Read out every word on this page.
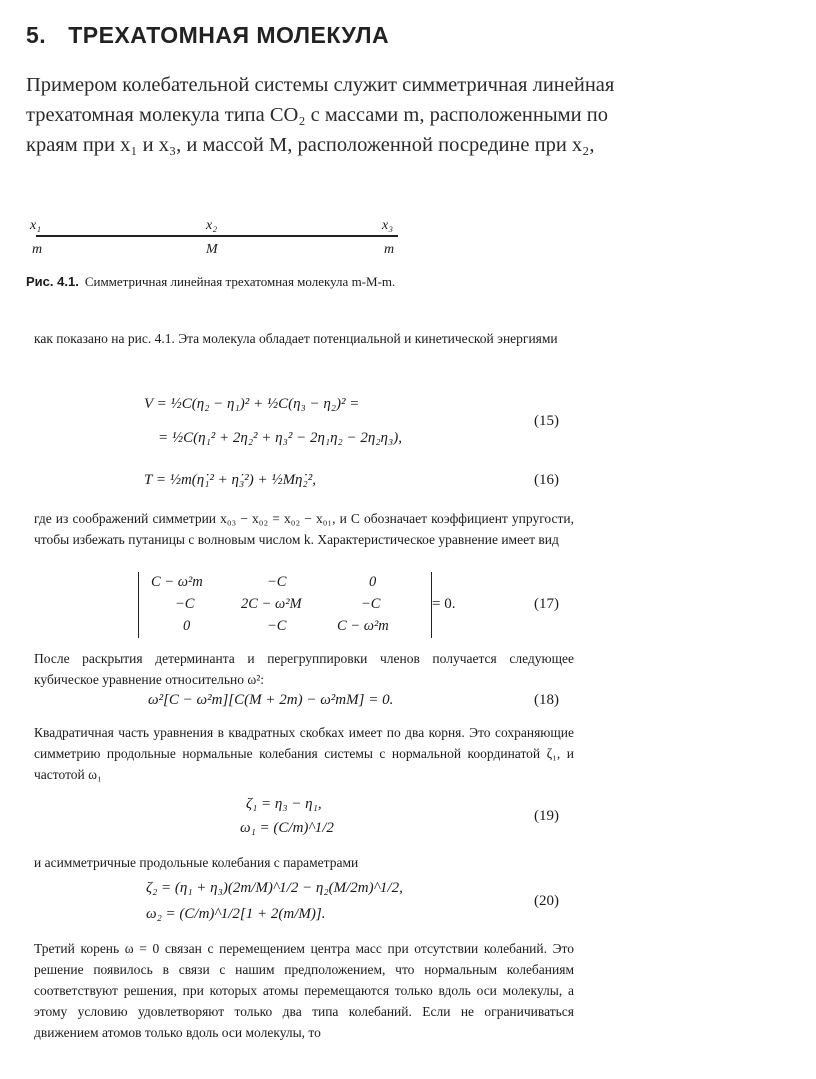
5. ТРЕХАТОМНАЯ МОЛЕКУЛА
Примером колебательной системы служит симметричная линейная
трехатомная молекула типа CO₂ с массами m, расположенными по
краям при x₁ и x₃, и массой M, расположенной посредине при x₂,
x₁	x₂	x₃
m	M	m

Рис. 4.1. Симметричная линейная трехатомная молекула m-M-m.

как показано на рис. 4.1. Эта молекула обладает потенциальной и кинетической энергиями

V = ½C(η₂ − η₁)² + ½C(η₃ − η₂)² =

= ½C(η₁² + 2η₂² + η₃² − 2η₁η₂ − 2η₂η₃),

(15)

T = ½m(η̇₁² + η̇₃²) + ½Mη̇₂²,	(16)

где из соображений симметрии x₀₃ − x₀₂ = x₀₂ − x₀₁, и C обозначает коэффициент упругости, чтобы избежать путаницы с волновым числом k. Характеристическое уравнение имеет вид

C − ω²m	−C	0
−C	2C − ω²M	−C
0	−C	C − ω²m
= 0.	(17)

После раскрытия детерминанта и перегруппировки членов получается следующее кубическое уравнение относительно ω²:

ω²[C − ω²m][C(M + 2m) − ω²mM] = 0.	(18)

Квадратичная часть уравнения в квадратных скобках имеет по два корня. Это сохраняющие симметрию продольные нормальные колебания системы с нормальной координатой ζ₁, и частотой ω₁

ζ₁ = η₃ − η₁,

ω₁ = (C/m)^1/2

(19)

и асимметричные продольные колебания с параметрами

ζ₂ = (η₁ + η₃)(2m/M)^1/2 − η₂(M/2m)^1/2,

ω₂ = (C/m)^1/2[1 + 2(m/M)].

(20)

Третий корень ω = 0 связан с перемещением центра масс при отсутствии колебаний. Это решение появилось в связи с нашим предположением, что нормальным колебаниям соответствуют решения, при которых атомы перемещаются только вдоль оси молекулы, а этому условию удовлетворяют только два типа колебаний. Если не ограничиваться движением атомов только вдоль оси молекулы, то
